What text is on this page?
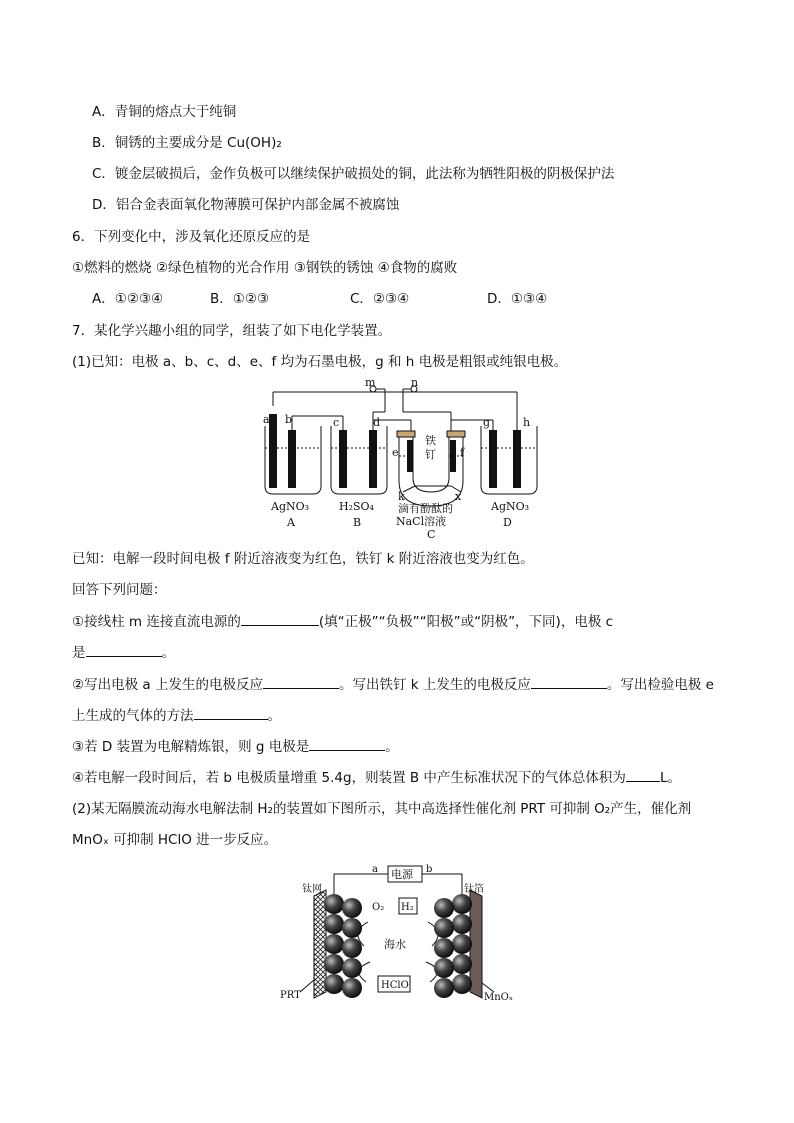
A．青铜的熔点大于纯铜
B．铜锈的主要成分是 Cu(OH)₂
C．镀金层破损后，金作负极可以继续保护破损处的铜，此法称为牺牲阳极的阴极保护法
D．铝合金表面氧化物薄膜可保护内部金属不被腐蚀
6．下列变化中，涉及氧化还原反应的是
①燃料的燃烧 ②绿色植物的光合作用 ③钢铁的锈蚀 ④食物的腐败
A．①②③④	B．①②③	C．②③④	D．①③④
7．某化学兴趣小组的同学，组装了如下电化学装置。
(1)已知：电极 a、b、c、d、e、f 均为石墨电极，g 和 h 电极是粗银或纯银电极。
m	n
a b	c	d
e	f
g	h
k	x
铁
钉
AgNO₃	H₂SO₄ 滴有酚酞的
NaCl溶液
AgNO₃
A	B
C
D
已知：电解一段时间电极 f 附近溶液变为红色，铁钉 k 附近溶液也变为红色。
回答下列问题：
①接线柱 m 连接直流电源的	(填“正极”“负极”“阳极”或“阴极”，下同)，电极 c
是	。
②写出电极 a 上发生的电极反应	。写出铁钉 k 上发生的电极反应	。写出检验电极 e
上生成的气体的方法	。
③若 D 装置为电解精炼银，则 g 电极是	。
④若电解一段时间后，若 b 电极质量增重 5.4g，则装置 B 中产生标准状况下的气体总体积为	L。
(2)某无隔膜流动海水电解法制 H₂的装置如下图所示，其中高选择性催化剂 PRT 可抑制 O₂产生，催化剂
MnOₓ 可抑制 HClO 进一步反应。
电源
a	b
钛网	钛箔
O₂ H₂
海水
HClO
PRT	MnOₓ
